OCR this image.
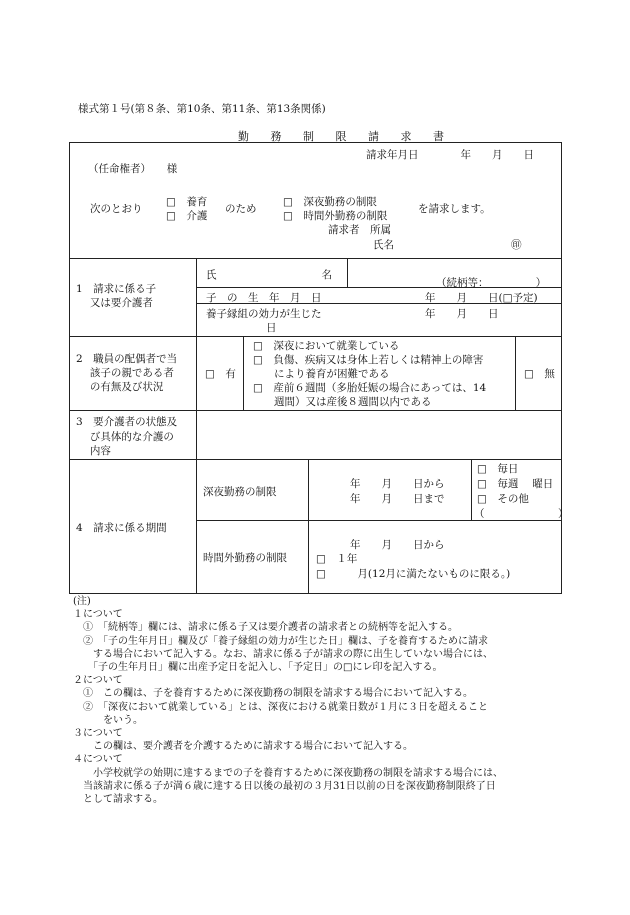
様式第１号(第８条、第10条、第11条、第13条関係)
勤 務 制 限 請 求 書
請求年月日　　　　年　　月　　日
（任命権者）　　様
次のとおり
□　養育
□　介護
のため
□　深夜勤務の制限
□　時間外勤務の制限
を請求します。
請求者　所属
氏名	㊞
1　請求に係る子
　 又は要介護者
氏　　　　　　　　　　名
（続柄等：　　　　　）
子　の　生　年　月　日	年　　月　　日(□予定)
養子縁組の効力が生じた
日
年　　月　　日
2　職員の配偶者で当
　 該子の親である者
　 の有無及び状況
□　有
□　深夜において就業している
□　負傷、疾病又は身体上若しくは精神上の障害
　　により養育が困難である
□　産前６週間（多胎妊娠の場合にあっては、14
　　週間）又は産後８週間以内である
□　無
3　要介護者の状態及
　 び具体的な介護の
　 内容
4　請求に係る期間
深夜勤務の制限
年　　月　　日から
年　　月　　日まで
□　毎日
□　毎週　 曜日
□　その他
（　　　　　　　）
時間外勤務の制限
年　　月　　日から
□　１年
□　　　月(12月に満たないものに限る。)
(注)
１について
　①　「続柄等」欄には、請求に係る子又は要介護者の請求者との続柄等を記入する。
　②　「子の生年月日」欄及び「養子縁組の効力が生じた日」欄は、子を養育するために請求
　　する場合において記入する。なお、請求に係る子が請求の際に出生していない場合には、
　　「子の生年月日」欄に出産予定日を記入し、「予定日」の□にレ印を記入する。
２について
　①　この欄は、子を養育するために深夜勤務の制限を請求する場合において記入する。
　②　「深夜において就業している」とは、深夜における就業日数が１月に３日を超えること
　　　をいう。
３について
　　この欄は、要介護者を介護するために請求する場合において記入する。
４について
　　小学校就学の始期に達するまでの子を養育するために深夜勤務の制限を請求する場合には、
　当該請求に係る子が満６歳に達する日以後の最初の３月31日以前の日を深夜勤務制限終了日
　として請求する。
